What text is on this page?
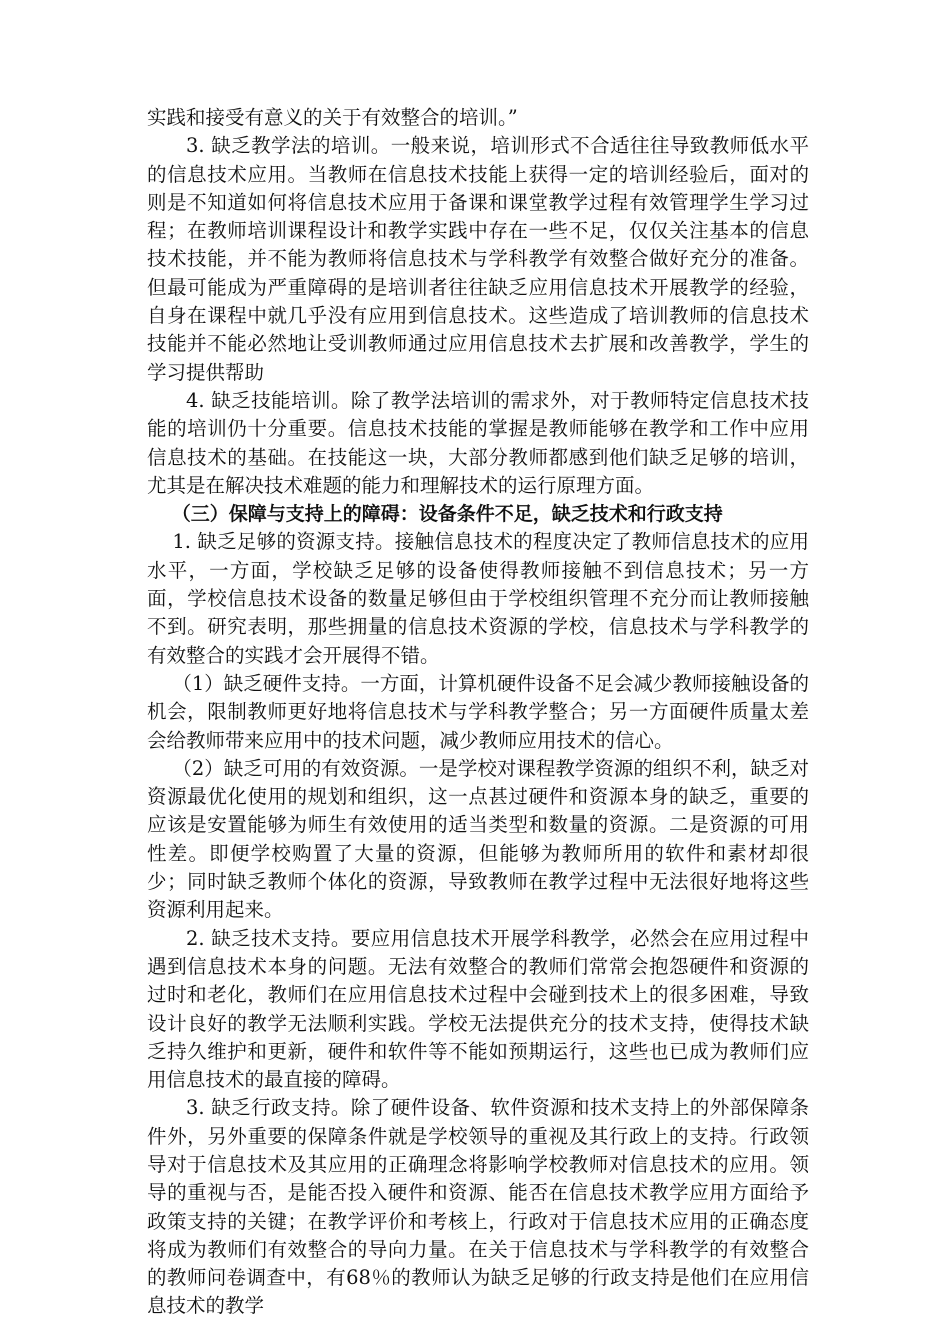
实践和接受有意义的关于有效整合的培训。”

3. 缺乏教学法的培训。一般来说，培训形式不合适往往导致教师低水平的信息技术应用。当教师在信息技术技能上获得一定的培训经验后，面对的则是不知道如何将信息技术应用于备课和课堂教学过程有效管理学生学习过程；在教师培训课程设计和教学实践中存在一些不足，仅仅关注基本的信息技术技能，并不能为教师将信息技术与学科教学有效整合做好充分的准备。但最可能成为严重障碍的是培训者往往缺乏应用信息技术开展教学的经验，自身在课程中就几乎没有应用到信息技术。这些造成了培训教师的信息技术技能并不能必然地让受训教师通过应用信息技术去扩展和改善教学，学生的学习提供帮助

4. 缺乏技能培训。除了教学法培训的需求外，对于教师特定信息技术技能的培训仍十分重要。信息技术技能的掌握是教师能够在教学和工作中应用信息技术的基础。在技能这一块，大部分教师都感到他们缺乏足够的培训，尤其是在解决技术难题的能力和理解技术的运行原理方面。

（三）保障与支持上的障碍：设备条件不足，缺乏技术和行政支持

1. 缺乏足够的资源支持。接触信息技术的程度决定了教师信息技术的应用水平，一方面，学校缺乏足够的设备使得教师接触不到信息技术；另一方面，学校信息技术设备的数量足够但由于学校组织管理不充分而让教师接触不到。研究表明，那些拥量的信息技术资源的学校，信息技术与学科教学的有效整合的实践才会开展得不错。

（1）缺乏硬件支持。一方面，计算机硬件设备不足会减少教师接触设备的机会，限制教师更好地将信息技术与学科教学整合；另一方面硬件质量太差会给教师带来应用中的技术问题，减少教师应用技术的信心。

（2）缺乏可用的有效资源。一是学校对课程教学资源的组织不利，缺乏对资源最优化使用的规划和组织，这一点甚过硬件和资源本身的缺乏，重要的应该是安置能够为师生有效使用的适当类型和数量的资源。二是资源的可用性差。即便学校购置了大量的资源，但能够为教师所用的软件和素材却很少；同时缺乏教师个体化的资源，导致教师在教学过程中无法很好地将这些资源利用起来。

2. 缺乏技术支持。要应用信息技术开展学科教学，必然会在应用过程中遇到信息技术本身的问题。无法有效整合的教师们常常会抱怨硬件和资源的过时和老化，教师们在应用信息技术过程中会碰到技术上的很多困难，导致设计良好的教学无法顺利实践。学校无法提供充分的技术支持，使得技术缺乏持久维护和更新，硬件和软件等不能如预期运行，这些也已成为教师们应用信息技术的最直接的障碍。

3. 缺乏行政支持。除了硬件设备、软件资源和技术支持上的外部保障条件外，另外重要的保障条件就是学校领导的重视及其行政上的支持。行政领导对于信息技术及其应用的正确理念将影响学校教师对信息技术的应用。领导的重视与否，是能否投入硬件和资源、能否在信息技术教学应用方面给予政策支持的关键；在教学评价和考核上，行政对于信息技术应用的正确态度将成为教师们有效整合的导向力量。在关于信息技术与学科教学的有效整合的教师问卷调查中，有68％的教师认为缺乏足够的行政支持是他们在应用信息技术的教学
